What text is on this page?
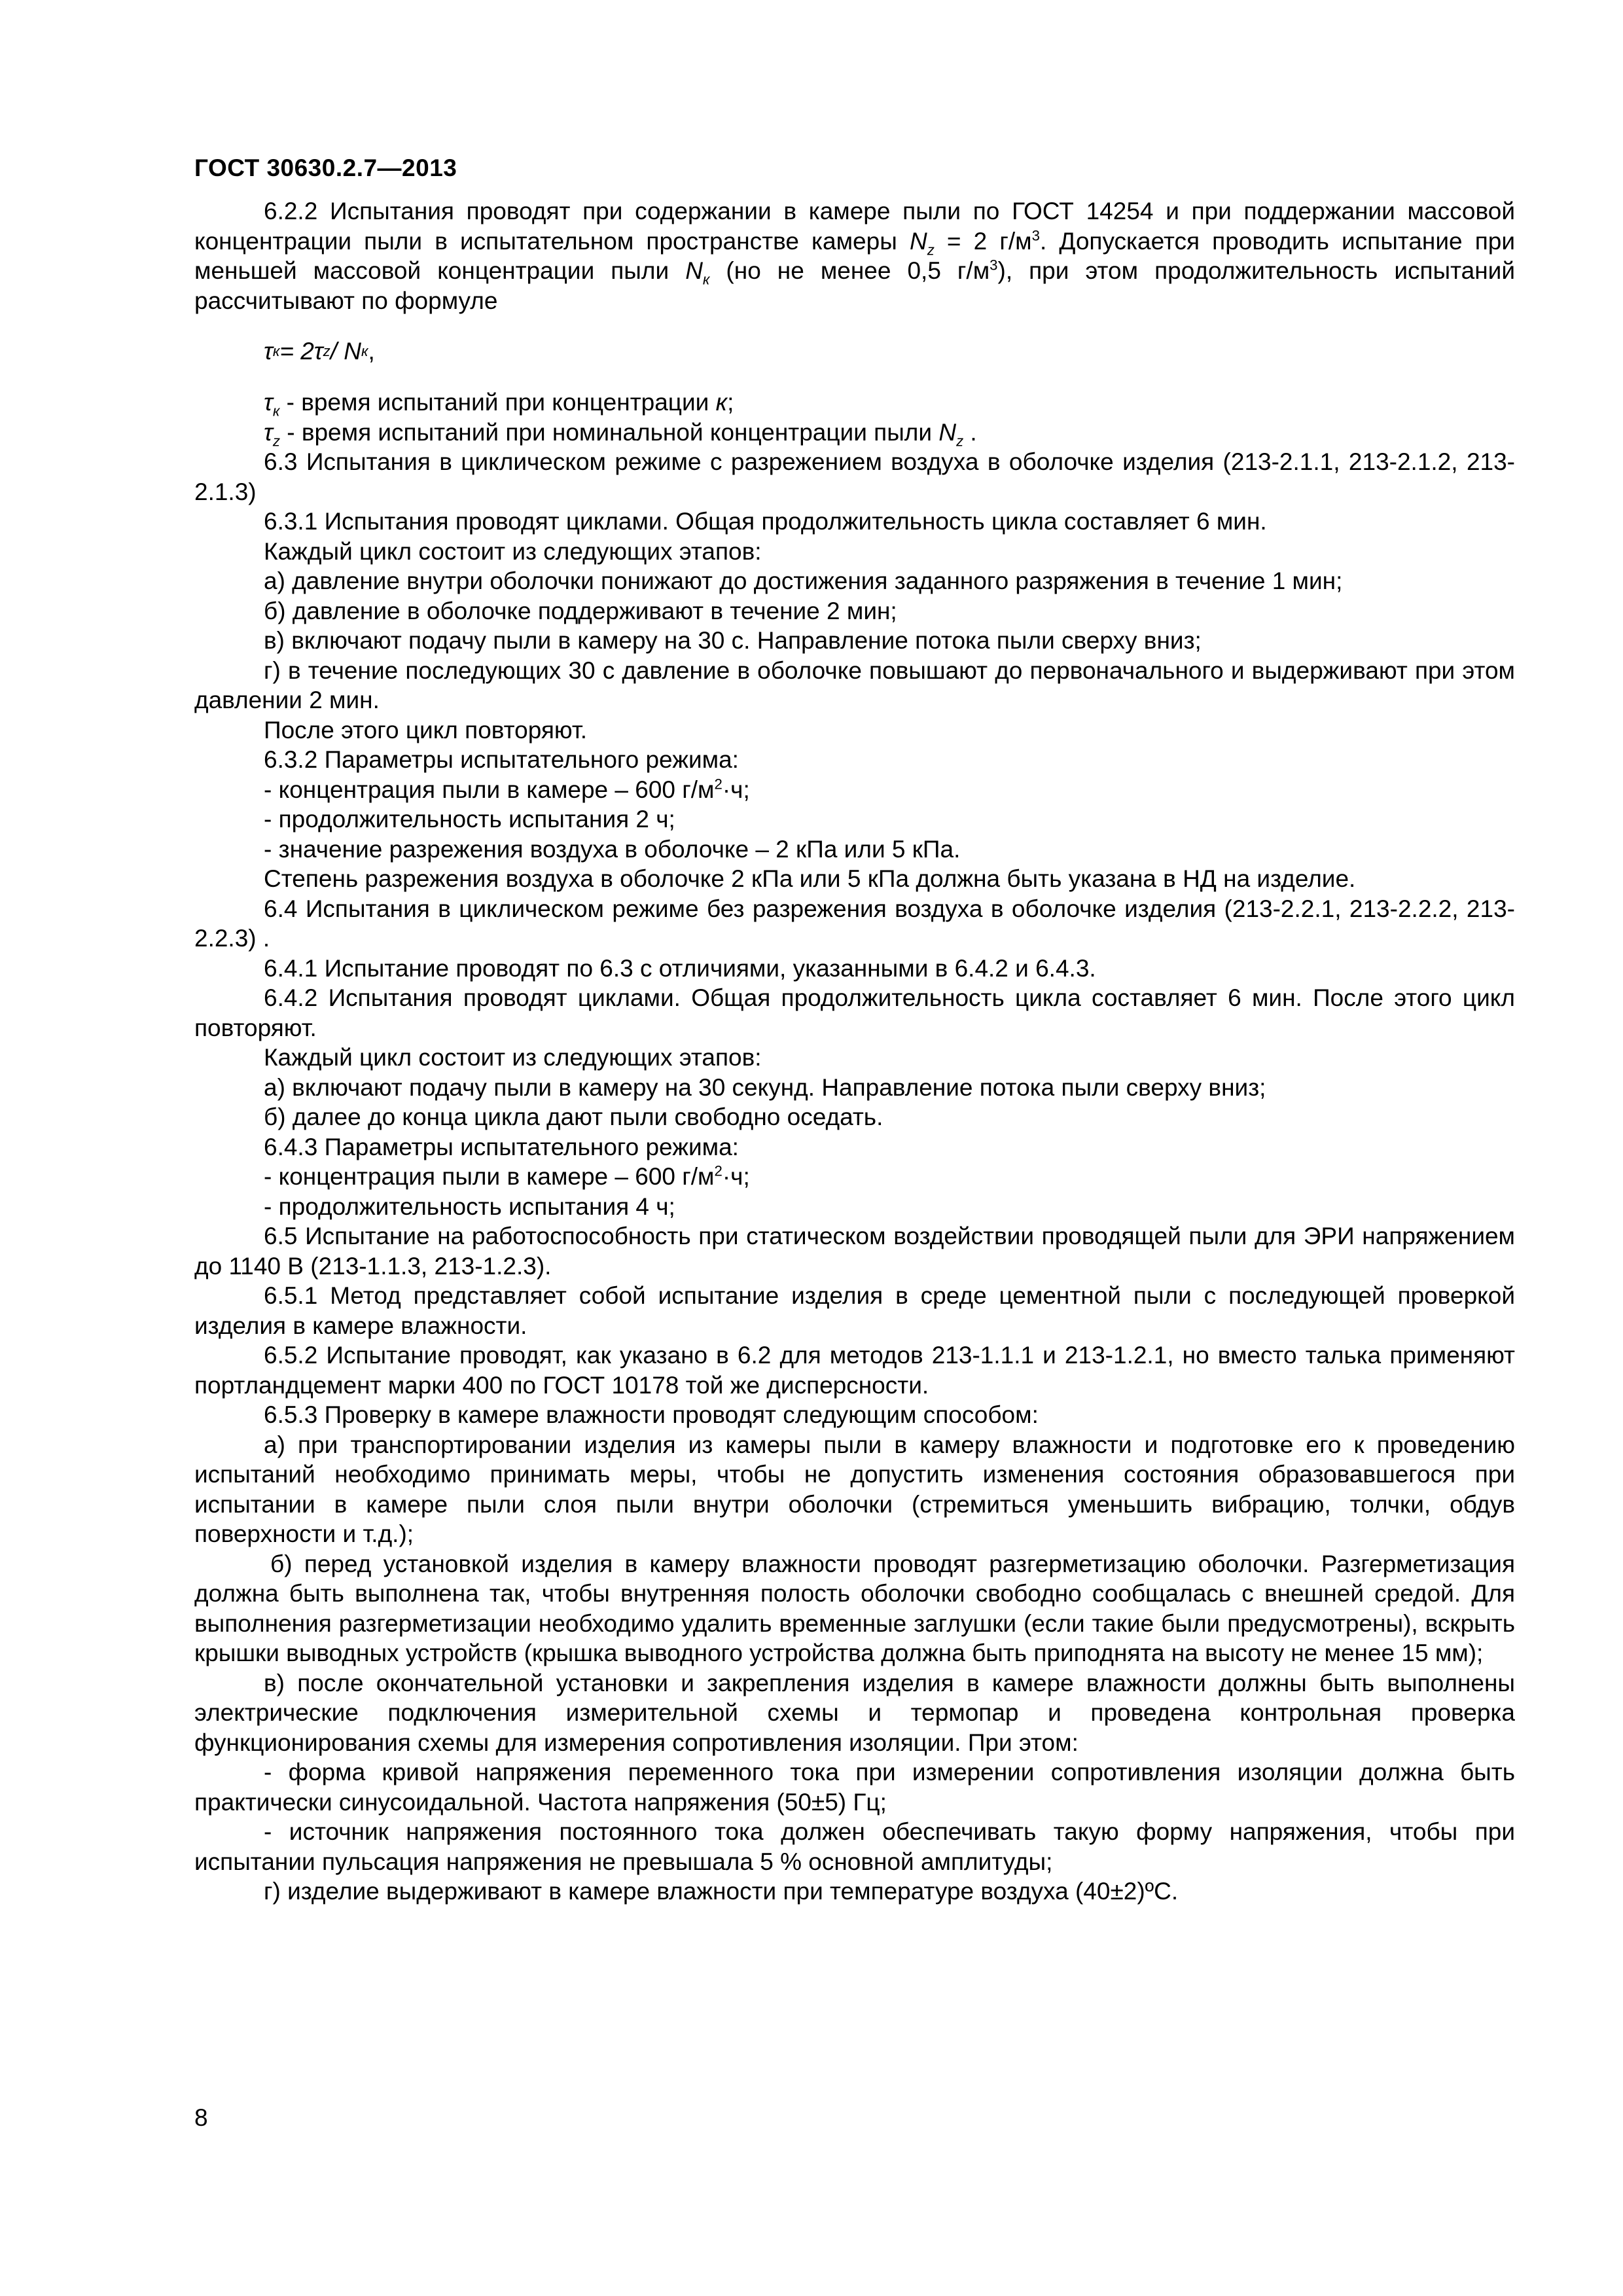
ГОСТ 30630.2.7—2013

6.2.2 Испытания проводят при содержании в камере пыли по ГОСТ 14254 и при поддержании массовой концентрации пыли в испытательном пространстве камеры $N_z = 2$ $г/м^3$. Допускается проводить испытание при меньшей массовой концентрации пыли $N_к$ (но не менее 0,5 $г/м^3$), при этом продолжительность испытаний рассчитывают по формуле

τ к = 2τ z / N к ,

$\tau_к$ - время испытаний при концентрации к;

$\tau_z$ - время испытаний при номинальной концентрации пыли $N_z$ .

6.3 Испытания в циклическом режиме с разрежением воздуха в оболочке изделия (213-2.1.1, 213-2.1.2, 213-2.1.3)

6.3.1 Испытания проводят циклами. Общая продолжительность цикла составляет 6 мин.

Каждый цикл состоит из следующих этапов:

а) давление внутри оболочки понижают до достижения заданного разряжения в течение 1 мин;

б) давление в оболочке поддерживают в течение 2 мин;

в) включают подачу пыли в камеру на 30 с. Направление потока пыли сверху вниз;

г) в течение последующих 30 с давление в оболочке повышают до первоначального и выдерживают при этом давлении 2 мин.

После этого цикл повторяют.

6.3.2 Параметры испытательного режима:

- концентрация пыли в камере – 600 $г/м^2\cdot ч$;

- продолжительность испытания 2 ч;

- значение разрежения воздуха в оболочке – 2 кПа или 5 кПа.

Степень разрежения воздуха в оболочке 2 кПа или 5 кПа должна быть указана в НД на изделие.

6.4 Испытания в циклическом режиме без разрежения воздуха в оболочке изделия (213-2.2.1, 213-2.2.2, 213-2.2.3) .

6.4.1 Испытание проводят по 6.3 с отличиями, указанными в 6.4.2 и 6.4.3.

6.4.2 Испытания проводят циклами. Общая продолжительность цикла составляет 6 мин. После этого цикл повторяют.

Каждый цикл состоит из следующих этапов:

а) включают подачу пыли в камеру на 30 секунд. Направление потока пыли сверху вниз;

б) далее до конца цикла дают пыли свободно оседать.

6.4.3 Параметры испытательного режима:

- концентрация пыли в камере – 600 $г/м^2\cdot ч$;

- продолжительность испытания 4 ч;

6.5 Испытание на работоспособность при статическом воздействии проводящей пыли для ЭРИ напряжением до 1140 В (213-1.1.3, 213-1.2.3).

6.5.1 Метод представляет собой испытание изделия в среде цементной пыли с последующей проверкой изделия в камере влажности.

6.5.2 Испытание проводят, как указано в 6.2 для методов 213-1.1.1 и 213-1.2.1, но вместо талька применяют портландцемент марки 400 по ГОСТ 10178 той же дисперсности.

6.5.3 Проверку в камере влажности проводят следующим способом:

а) при транспортировании изделия из камеры пыли в камеру влажности и подготовке его к проведению испытаний необходимо принимать меры, чтобы не допустить изменения состояния образовавшегося при испытании в камере пыли слоя пыли внутри оболочки (стремиться уменьшить вибрацию, толчки, обдув поверхности и т.д.);

б) перед установкой изделия в камеру влажности проводят разгерметизацию оболочки. Разгерметизация должна быть выполнена так, чтобы внутренняя полость оболочки свободно сообщалась с внешней средой. Для выполнения разгерметизации необходимо удалить временные заглушки (если такие были предусмотрены), вскрыть крышки выводных устройств (крышка выводного устройства должна быть приподнята на высоту не менее 15 мм);

в) после окончательной установки и закрепления изделия в камере влажности должны быть выполнены электрические подключения измерительной схемы и термопар и проведена контрольная проверка функционирования схемы для измерения сопротивления изоляции. При этом:

- форма кривой напряжения переменного тока при измерении сопротивления изоляции должна быть практически синусоидальной. Частота напряжения (50±5) Гц;

- источник напряжения постоянного тока должен обеспечивать такую форму напряжения, чтобы при испытании пульсация напряжения не превышала 5 % основной амплитуды;

г) изделие выдерживают в камере влажности при температуре воздуха (40±2)ºС.

8
